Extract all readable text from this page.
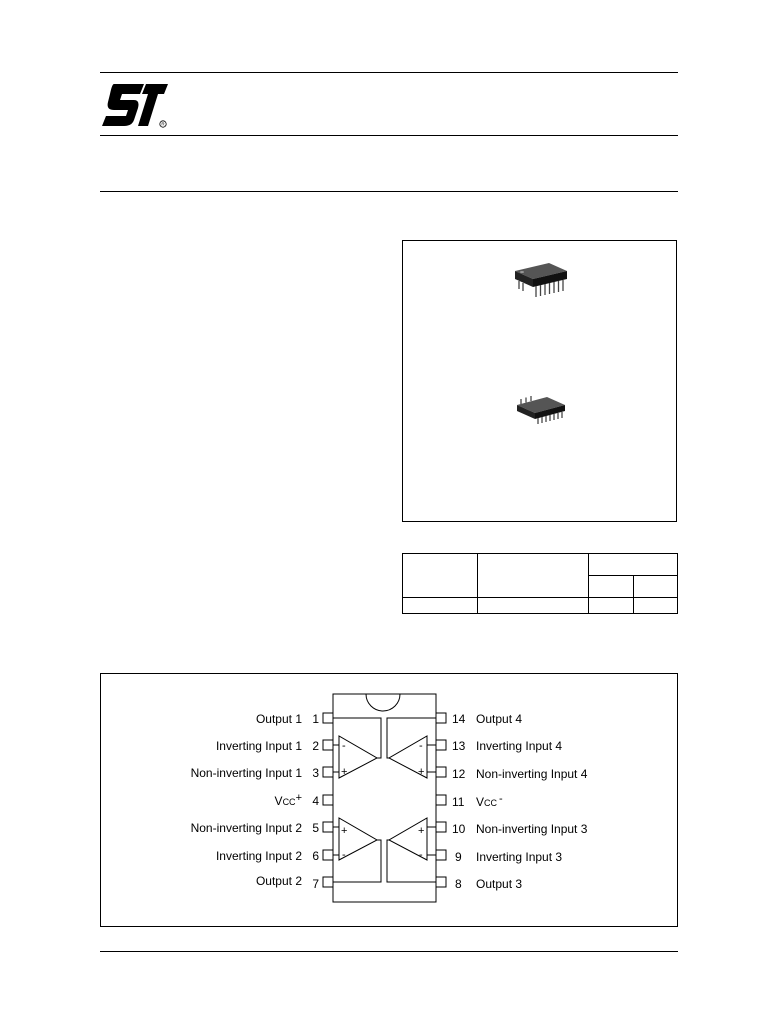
R

-
+
-
+
+
-
+
-
Output 1 1
Inverting Input 1 2
Non-inverting Input 1 3
VCC+ 4
Non-inverting Input 2 5
Inverting Input 2 6
Output 2 7
14 Output 4
13 Inverting Input 4
12 Non-inverting Input 4
11 VCC -
10 Non-inverting Input 3
9 Inverting Input 3
8 Output 3
